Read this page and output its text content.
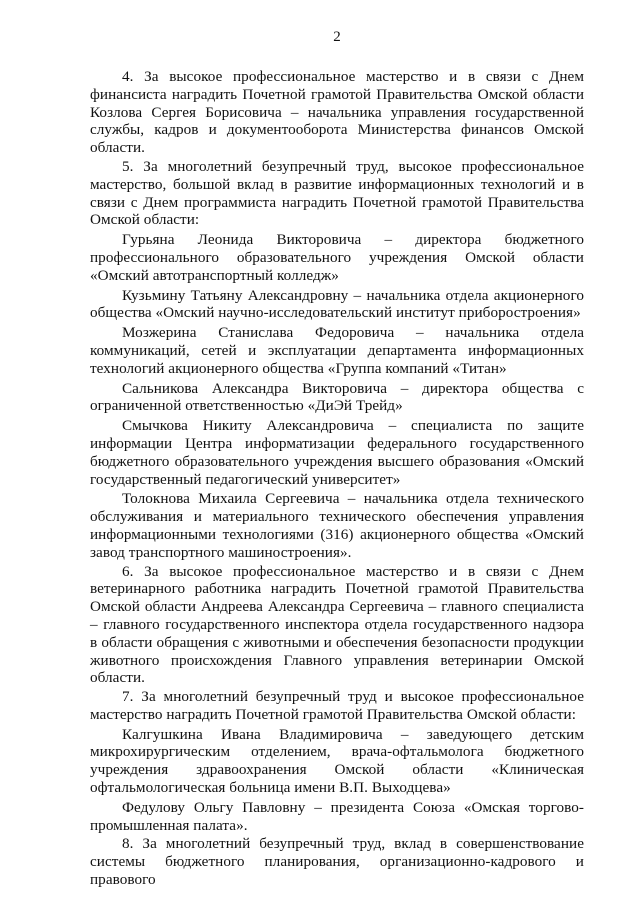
2

4. За высокое профессиональное мастерство и в связи с Днем финансиста наградить Почетной грамотой Правительства Омской области Козлова Сергея Борисовича – начальника управления государственной службы, кадров и документооборота Министерства финансов Омской области.

5. За многолетний безупречный труд, высокое профессиональное мастерство, большой вклад в развитие информационных технологий и в связи с Днем программиста наградить Почетной грамотой Правительства Омской области:

Гурьяна Леонида Викторовича – директора бюджетного профессионального образовательного учреждения Омской области «Омский автотранспортный колледж»

Кузьмину Татьяну Александровну – начальника отдела акционерного общества «Омский научно-исследовательский институт приборостроения»

Мозжерина Станислава Федоровича – начальника отдела коммуникаций, сетей и эксплуатации департамента информационных технологий акционерного общества «Группа компаний «Титан»

Сальникова Александра Викторовича – директора общества с ограниченной ответственностью «ДиЭй Трейд»

Смычкова Никиту Александровича – специалиста по защите информации Центра информатизации федерального государственного бюджетного образовательного учреждения высшего образования «Омский государственный педагогический университет»

Толокнова Михаила Сергеевича – начальника отдела технического обслуживания и материального технического обеспечения управления информационными технологиями (316) акционерного общества «Омский завод транспортного машиностроения».

6. За высокое профессиональное мастерство и в связи с Днем ветеринарного работника наградить Почетной грамотой Правительства Омской области Андреева Александра Сергеевича – главного специалиста – главного государственного инспектора отдела государственного надзора в области обращения с животными и обеспечения безопасности продукции животного происхождения Главного управления ветеринарии Омской области.

7. За многолетний безупречный труд и высокое профессиональное мастерство наградить Почетной грамотой Правительства Омской области:

Калгушкина Ивана Владимировича – заведующего детским микрохирургическим отделением, врача-офтальмолога бюджетного учреждения здравоохранения Омской области «Клиническая офтальмологическая больница имени В.П. Выходцева»

Федулову Ольгу Павловну – президента Союза «Омская торгово-промышленная палата».

8. За многолетний безупречный труд, вклад в совершенствование системы бюджетного планирования, организационно-кадрового и правового
